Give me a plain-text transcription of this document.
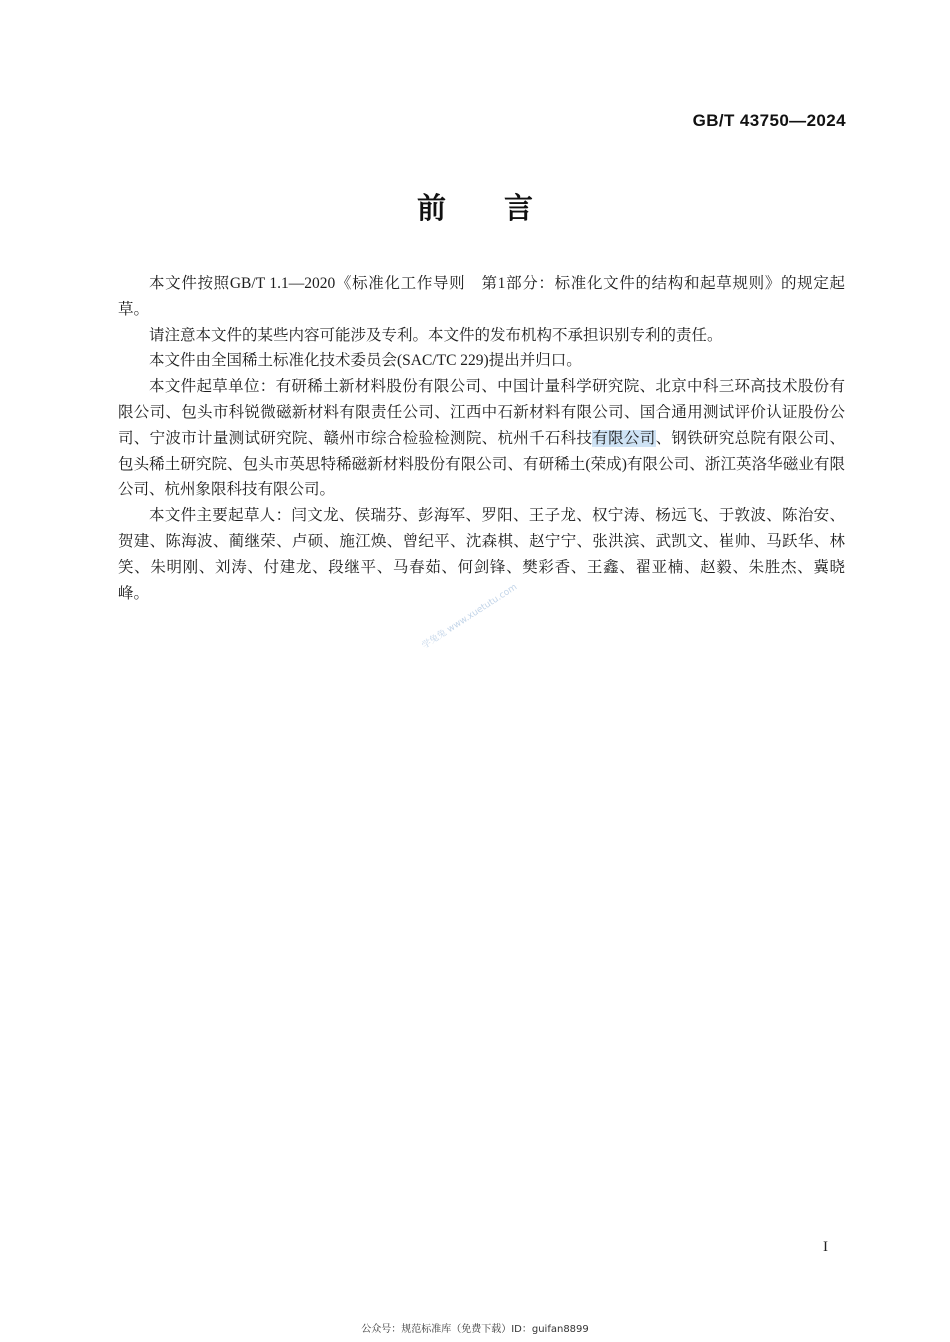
GB/T 43750—2024
前　　言

本文件按照GB/T 1.1—2020《标准化工作导则　第1部分：标准化文件的结构和起草规则》的规定起草。

请注意本文件的某些内容可能涉及专利。本文件的发布机构不承担识别专利的责任。

本文件由全国稀土标准化技术委员会(SAC/TC 229)提出并归口。

本文件起草单位：有研稀土新材料股份有限公司、中国计量科学研究院、北京中科三环高技术股份有限公司、包头市科锐微磁新材料有限责任公司、江西中石新材料有限公司、国合通用测试评价认证股份公司、宁波市计量测试研究院、赣州市综合检验检测院、杭州千石科技有限公司、钢铁研究总院有限公司、包头稀土研究院、包头市英思特稀磁新材料股份有限公司、有研稀土(荣成)有限公司、浙江英洛华磁业有限公司、杭州象限科技有限公司。

本文件主要起草人：闫文龙、侯瑞芬、彭海军、罗阳、王子龙、权宁涛、杨远飞、于敦波、陈治安、贺建、陈海波、蔺继荣、卢硕、施江焕、曾纪平、沈森棋、赵宁宁、张洪滨、武凯文、崔帅、马跃华、林笑、朱明刚、刘涛、付建龙、段继平、马春茹、何剑锋、樊彩香、王鑫、翟亚楠、赵毅、朱胜杰、冀晓峰。	学兔兔 www.xuetutu.com
I
公众号：规范标准库（免费下载）ID：guifan8899
